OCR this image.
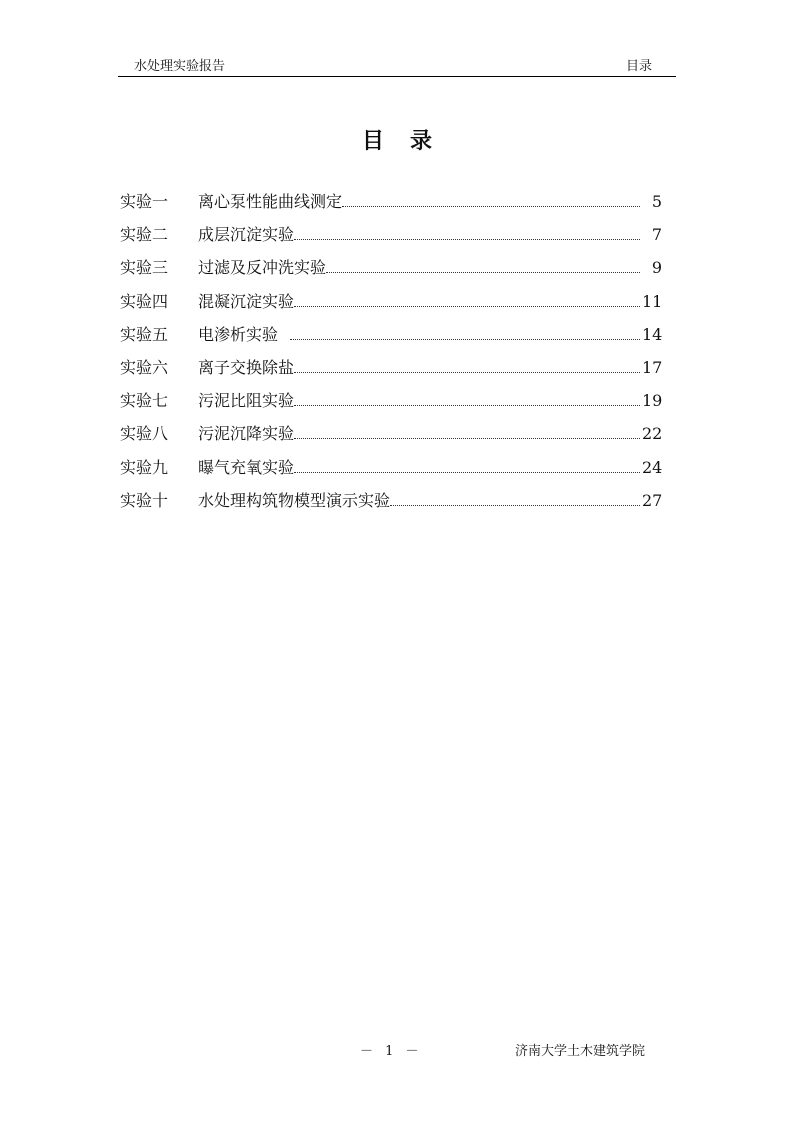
水处理实验报告	目录
目录
实验一	离心泵性能曲线测定	5
实验二	成层沉淀实验	7
实验三	过滤及反冲洗实验	9
实验四	混凝沉淀实验	11
实验五	电渗析实验	14
实验六	离子交换除盐	17
实验七	污泥比阻实验	19
实验八	污泥沉降实验	22
实验九	曝气充氧实验	24
实验十	水处理构筑物模型演示实验	27
－ 1 －	济南大学土木建筑学院
